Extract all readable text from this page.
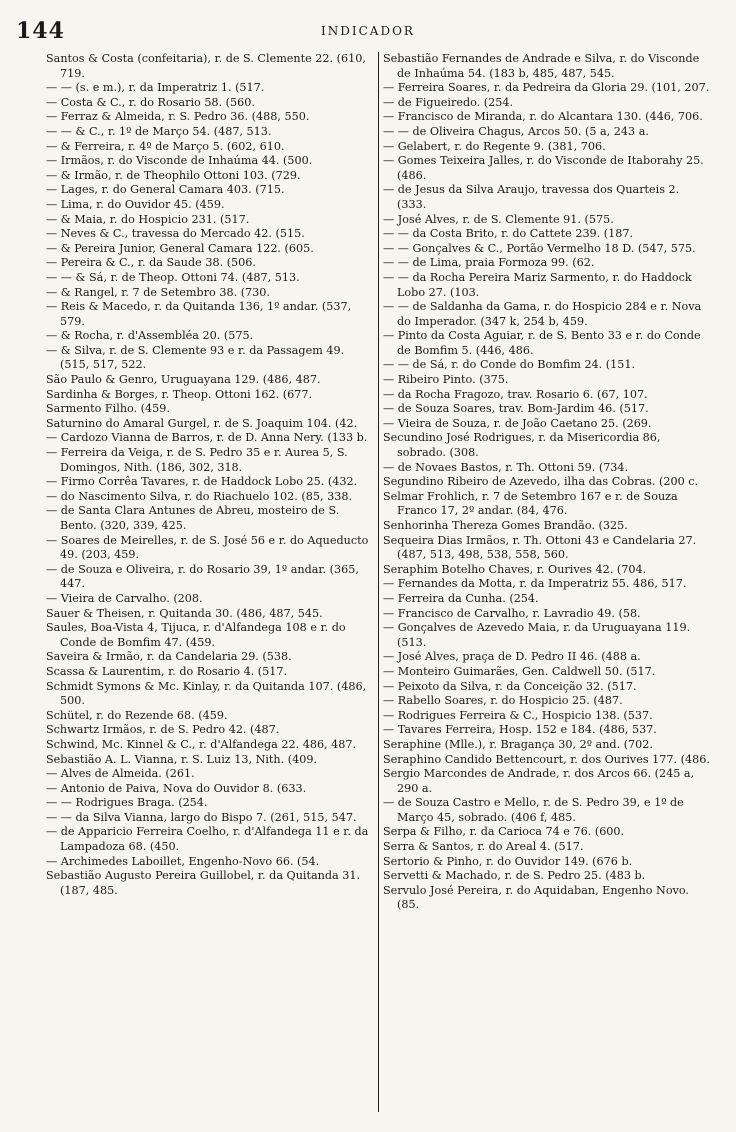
144	INDICADOR

Santos & Costa (confeitaria), r. de S. Clemente 22. (610, 719.

— — (s. e m.), r. da Imperatriz 1. (517.

— Costa & C., r. do Rosario 58. (560.

— Ferraz & Almeida, r. S. Pedro 36. (488, 550.

— — & C., r. 1º de Março 54. (487, 513.

— & Ferreira, r. 4º de Março 5. (602, 610.

— Irmãos, r. do Visconde de Inhaúma 44. (500.

— & Irmão, r. de Theophilo Ottoni 103. (729.

— Lages, r. do General Camara 403. (715.

— Lima, r. do Ouvidor 45. (459.

— & Maia, r. do Hospicio 231. (517.

— Neves & C., travessa do Mercado 42. (515.

— & Pereira Junior, General Camara 122. (605.

— Pereira & C., r. da Saude 38. (506.

— — & Sá, r. de Theop. Ottoni 74. (487, 513.

— & Rangel, r. 7 de Setembro 38. (730.

— Reis & Macedo, r. da Quitanda 136, 1º andar. (537, 579.

— & Rocha, r. d'Assembléa 20. (575.

— & Silva, r. de S. Clemente 93 e r. da Passagem 49. (515, 517, 522.

São Paulo & Genro, Uruguayana 129. (486, 487.

Sardinha & Borges, r. Theop. Ottoni 162. (677.

Sarmento Filho. (459.

Saturnino do Amaral Gurgel, r. de S. Joaquim 104. (42.

— Cardozo Vianna de Barros, r. de D. Anna Nery. (133 b.

— Ferreira da Veiga, r. de S. Pedro 35 e r. Aurea 5, S. Domingos, Nith. (186, 302, 318.

— Firmo Corrêa Tavares, r. de Haddock Lobo 25. (432.

— do Nascimento Silva, r. do Riachuelo 102. (85, 338.

— de Santa Clara Antunes de Abreu, mosteiro de S. Bento. (320, 339, 425.

— Soares de Meirelles, r. de S. José 56 e r. do Aqueducto 49. (203, 459.

— de Souza e Oliveira, r. do Rosario 39, 1º andar. (365, 447.

— Vieira de Carvalho. (208.

Sauer & Theisen, r. Quitanda 30. (486, 487, 545.

Saules, Boa-Vista 4, Tijuca, r. d'Alfandega 108 e r. do Conde de Bomfim 47. (459.

Saveira & Irmão, r. da Candelaria 29. (538.

Scassa & Laurentim, r. do Rosario 4. (517.

Schmidt Symons & Mc. Kinlay, r. da Quitanda 107. (486, 500.

Schütel, r. do Rezende 68. (459.

Schwartz Irmãos, r. de S. Pedro 42. (487.

Schwind, Mc. Kinnel & C., r. d'Alfandega 22. 486, 487.

Sebastião A. L. Vianna, r. S. Luiz 13, Nith. (409.

— Alves de Almeida. (261.

— Antonio de Paiva, Nova do Ouvidor 8. (633.

— — Rodrigues Braga. (254.

— — da Silva Vianna, largo do Bispo 7. (261, 515, 547.

— de Apparicio Ferreira Coelho, r. d'Alfandega 11 e r. da Lampadoza 68. (450.

— Archimedes Laboillet, Engenho-Novo 66. (54.

Sebastião Augusto Pereira Guillobel, r. da Quitanda 31. (187, 485.

Sebastião Fernandes de Andrade e Silva, r. do Visconde de Inhaúma 54. (183 b, 485, 487, 545.

— Ferreira Soares, r. da Pedreira da Gloria 29. (101, 207.

— de Figueiredo. (254.

— Francisco de Miranda, r. do Alcantara 130. (446, 706.

— — de Oliveira Chagus, Arcos 50. (5 a, 243 a.

— Gelabert, r. do Regente 9. (381, 706.

— Gomes Teixeira Jalles, r. do Visconde de Itaborahy 25. (486.

— de Jesus da Silva Araujo, travessa dos Quarteis 2. (333.

— José Alves, r. de S. Clemente 91. (575.

— — da Costa Brito, r. do Cattete 239. (187.

— — Gonçalves & C., Portão Vermelho 18 D. (547, 575.

— — de Lima, praia Formoza 99. (62.

— — da Rocha Pereira Mariz Sarmento, r. do Haddock Lobo 27. (103.

— — de Saldanha da Gama, r. do Hospicio 284 e r. Nova do Imperador. (347 k, 254 b, 459.

— Pinto da Costa Aguiar, r. de S. Bento 33 e r. do Conde de Bomfim 5. (446, 486.

— — de Sá, r. do Conde do Bomfim 24. (151.

— Ribeiro Pinto. (375.

— da Rocha Fragozo, trav. Rosario 6. (67, 107.

— de Souza Soares, trav. Bom-Jardim 46. (517.

— Vieira de Souza, r. de João Caetano 25. (269.

Secundino José Rodrigues, r. da Misericordia 86, sobrado. (308.

— de Novaes Bastos, r. Th. Ottoni 59. (734.

Segundino Ribeiro de Azevedo, ilha das Cobras. (200 c.

Selmar Frohlich, r. 7 de Setembro 167 e r. de Souza Franco 17, 2º andar. (84, 476.

Senhorinha Thereza Gomes Brandão. (325.

Sequeira Dias Irmãos, r. Th. Ottoni 43 e Candelaria 27. (487, 513, 498, 538, 558, 560.

Seraphim Botelho Chaves, r. Ourives 42. (704.

— Fernandes da Motta, r. da Imperatriz 55. 486, 517.

— Ferreira da Cunha. (254.

— Francisco de Carvalho, r. Lavradio 49. (58.

— Gonçalves de Azevedo Maia, r. da Uruguayana 119. (513.

— José Alves, praça de D. Pedro II 46. (488 a.

— Monteiro Guimarães, Gen. Caldwell 50. (517.

— Peixoto da Silva, r. da Conceição 32. (517.

— Rabello Soares, r. do Hospicio 25. (487.

— Rodrigues Ferreira & C., Hospicio 138. (537.

— Tavares Ferreira, Hosp. 152 e 184. (486, 537.

Seraphine (Mlle.), r. Bragança 30, 2º and. (702.

Seraphino Candido Bettencourt, r. dos Ourives 177. (486.

Sergio Marcondes de Andrade, r. dos Arcos 66. (245 a, 290 a.

— de Souza Castro e Mello, r. de S. Pedro 39, e 1º de Março 45, sobrado. (406 f, 485.

Serpa & Filho, r. da Carioca 74 e 76. (600.

Serra & Santos, r. do Areal 4. (517.

Sertorio & Pinho, r. do Ouvidor 149. (676 b.

Servetti & Machado, r. de S. Pedro 25. (483 b.

Servulo José Pereira, r. do Aquidaban, Engenho Novo. (85.
